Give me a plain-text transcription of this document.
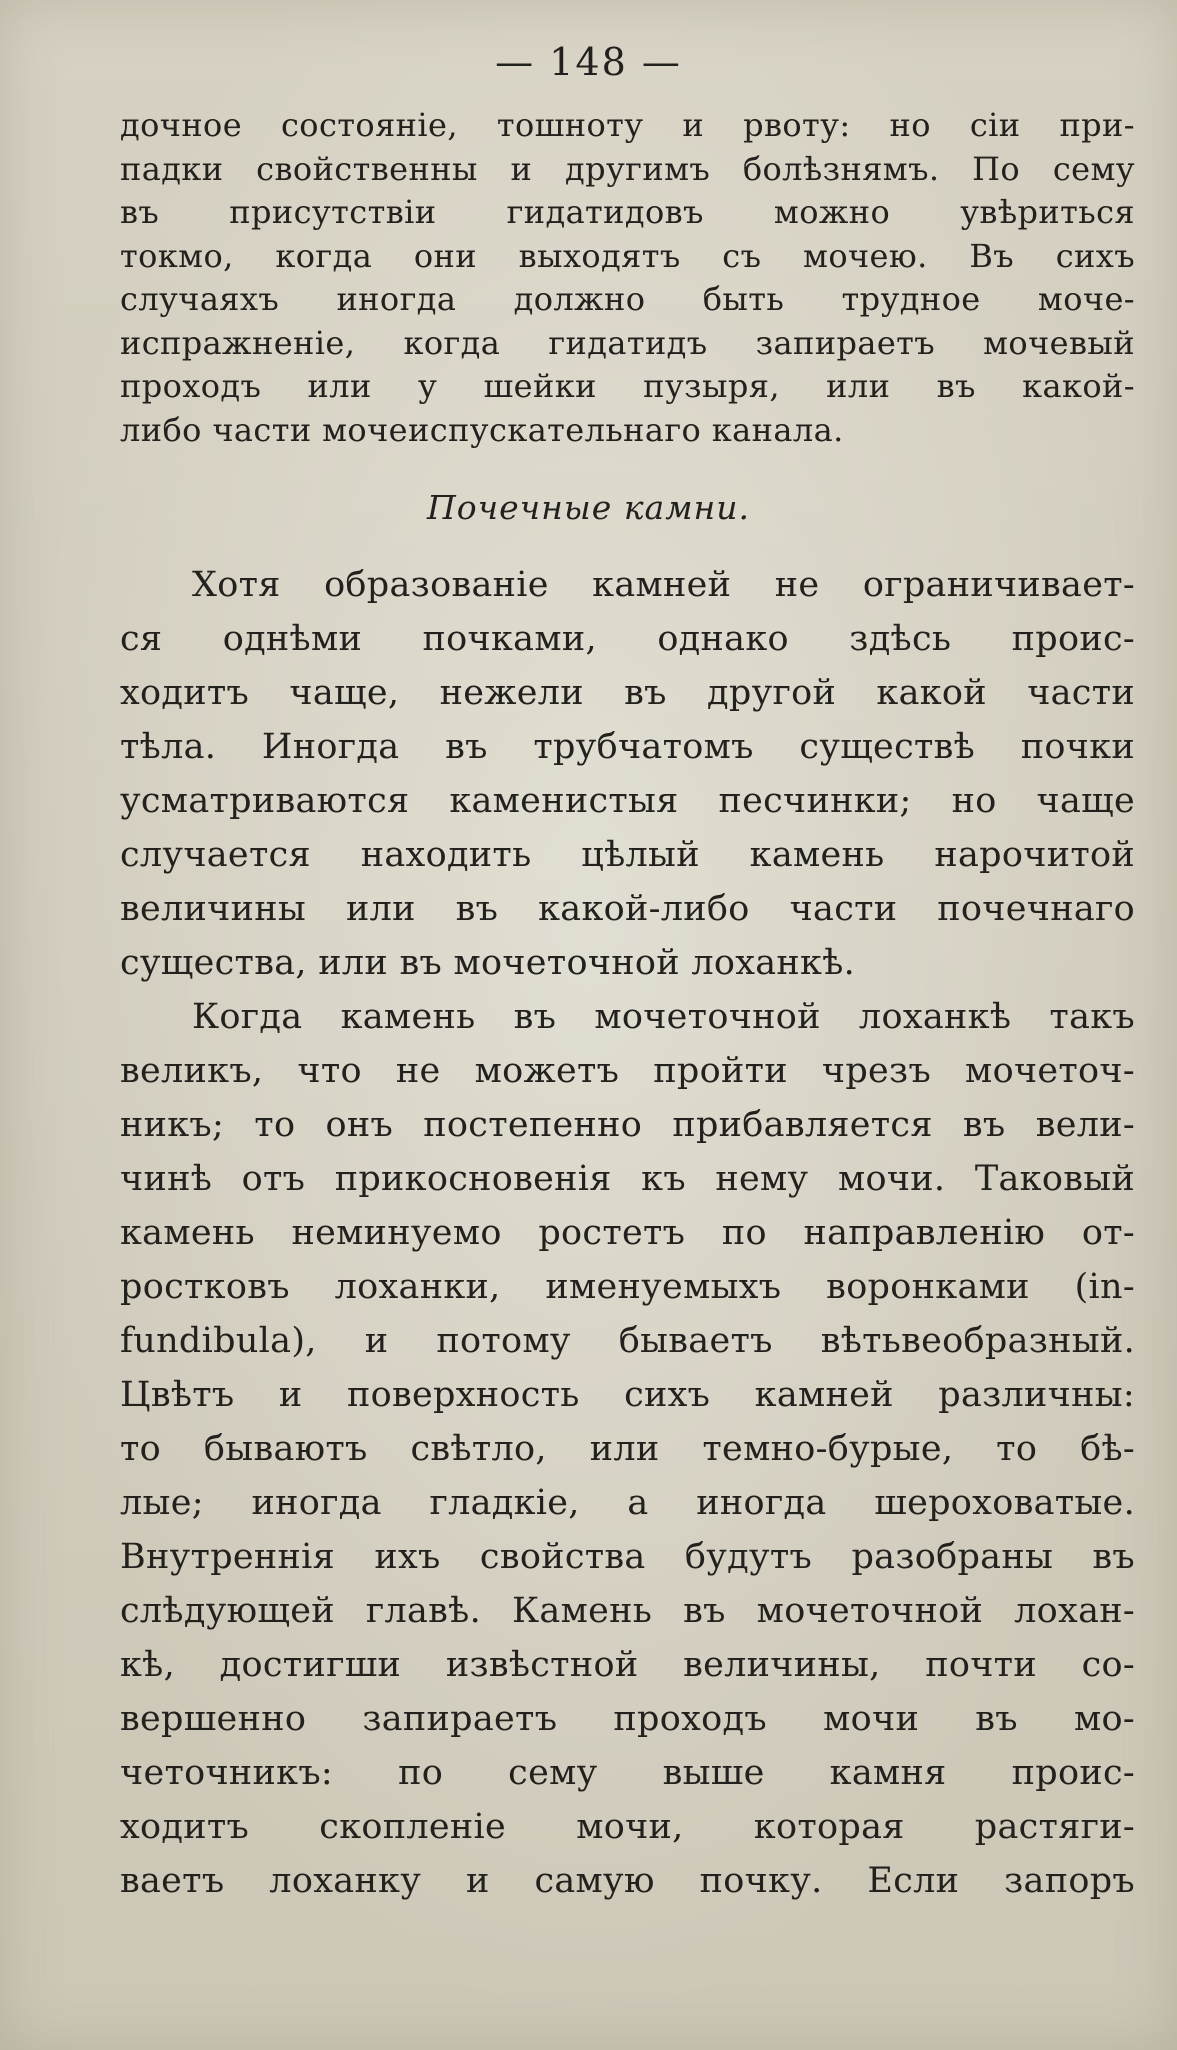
— 148 —
дочное состоянie, тошноту и рвоту: но сiи при-
падки свойственны и другимъ болѣзнямъ. По сему
въ присутствiи гидатидовъ можно увѣриться
токмо, когда они выходятъ съ мочею. Въ сихъ
случаяхъ иногда должно быть трудное моче-
испражненiе, когда гидатидъ запираетъ мочевый
проходъ или у шейки пузыря, или въ какой-
либо части мочеиспускательнаго канала.
Почечные камни.
Хотя образованiе камней не ограничивает-
ся однѣми почками, однако здѣсь проис-
ходитъ чаще, нежели въ другой какой части
тѣла. Иногда въ трубчатомъ существѣ почки
усматриваются каменистыя песчинки; но чаще
случается находить цѣлый камень нарочитой
величины или въ какой-либо части почечнаго
существа, или въ мочеточной лоханкѣ.
Когда камень въ мочеточной лоханкѣ такъ
великъ, что не можетъ пройти чрезъ мочеточ-
никъ; то онъ постепенно прибавляется въ вели-
чинѣ отъ прикосновенiя къ нему мочи. Таковый
камень неминуемо ростетъ по направленiю от-
ростковъ лоханки, именуемыхъ воронками (in-
fundibula), и потому бываетъ вѣтьвеобразный.
Цвѣтъ и поверхность сихъ камней различны:
то бываютъ свѣтло, или темно-бурые, то бѣ-
лые; иногда гладкiе, а иногда шероховатые.
Внутреннiя ихъ свойства будутъ разобраны въ
слѣдующей главѣ. Камень въ мочеточной лохан-
кѣ, достигши извѣстной величины, почти со-
вершенно запираетъ проходъ мочи въ мо-
четочникъ: по сему выше камня проис-
ходитъ скопленiе мочи, которая растяги-
ваетъ лоханку и самую почку. Если запоръ
